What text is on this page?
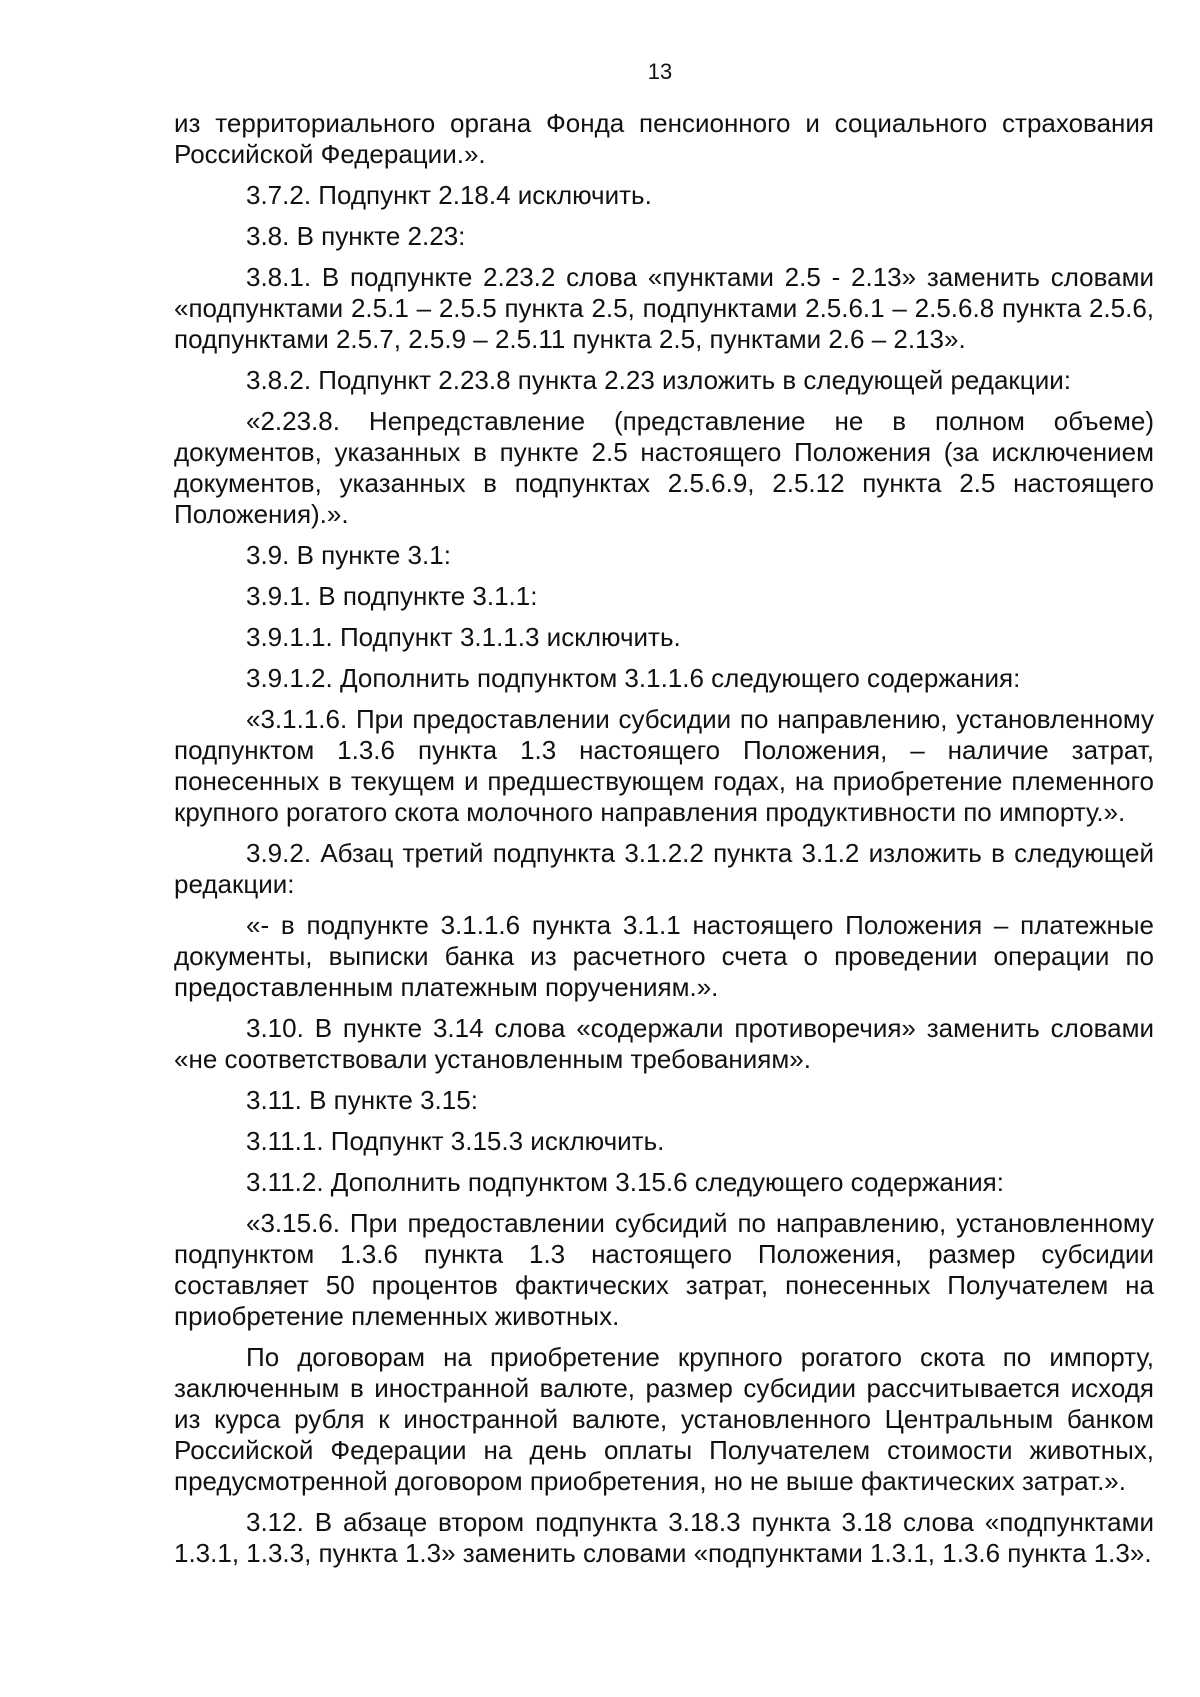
13

из территориального органа Фонда пенсионного и социального страхования Российской Федерации.».

3.7.2. Подпункт 2.18.4 исключить.

3.8. В пункте 2.23:

3.8.1. В подпункте 2.23.2 слова «пунктами 2.5 - 2.13» заменить словами «подпунктами 2.5.1 – 2.5.5 пункта 2.5, подпунктами 2.5.6.1 – 2.5.6.8 пункта 2.5.6, подпунктами 2.5.7, 2.5.9 – 2.5.11 пункта 2.5, пунктами 2.6 – 2.13».

3.8.2. Подпункт 2.23.8 пункта 2.23 изложить в следующей редакции:

«2.23.8. Непредставление (представление не в полном объеме) документов, указанных в пункте 2.5 настоящего Положения (за исключением документов, указанных в подпунктах 2.5.6.9, 2.5.12 пункта 2.5 настоящего Положения).».

3.9. В пункте 3.1:

3.9.1. В подпункте 3.1.1:

3.9.1.1. Подпункт 3.1.1.3 исключить.

3.9.1.2. Дополнить подпунктом 3.1.1.6 следующего содержания:

«3.1.1.6. При предоставлении субсидии по направлению, установленному подпунктом 1.3.6 пункта 1.3 настоящего Положения, – наличие затрат, понесенных в текущем и предшествующем годах, на приобретение племенного крупного рогатого скота молочного направления продуктивности по импорту.».

3.9.2. Абзац третий подпункта 3.1.2.2 пункта 3.1.2 изложить в следующей редакции:

«- в подпункте 3.1.1.6 пункта 3.1.1 настоящего Положения – платежные документы, выписки банка из расчетного счета о проведении операции по предоставленным платежным поручениям.».

3.10. В пункте 3.14 слова «содержали противоречия» заменить словами «не соответствовали установленным требованиям».

3.11. В пункте 3.15:

3.11.1. Подпункт 3.15.3 исключить.

3.11.2. Дополнить подпунктом 3.15.6 следующего содержания:

«3.15.6. При предоставлении субсидий по направлению, установленному подпунктом 1.3.6 пункта 1.3 настоящего Положения, размер субсидии составляет 50 процентов фактических затрат, понесенных Получателем на приобретение племенных животных.

По договорам на приобретение крупного рогатого скота по импорту, заключенным в иностранной валюте, размер субсидии рассчитывается исходя из курса рубля к иностранной валюте, установленного Центральным банком Российской Федерации на день оплаты Получателем стоимости животных, предусмотренной договором приобретения, но не выше фактических затрат.».

3.12. В абзаце втором подпункта 3.18.3 пункта 3.18 слова «подпунктами 1.3.1, 1.3.3, пункта 1.3» заменить словами «подпунктами 1.3.1, 1.3.6 пункта 1.3».
